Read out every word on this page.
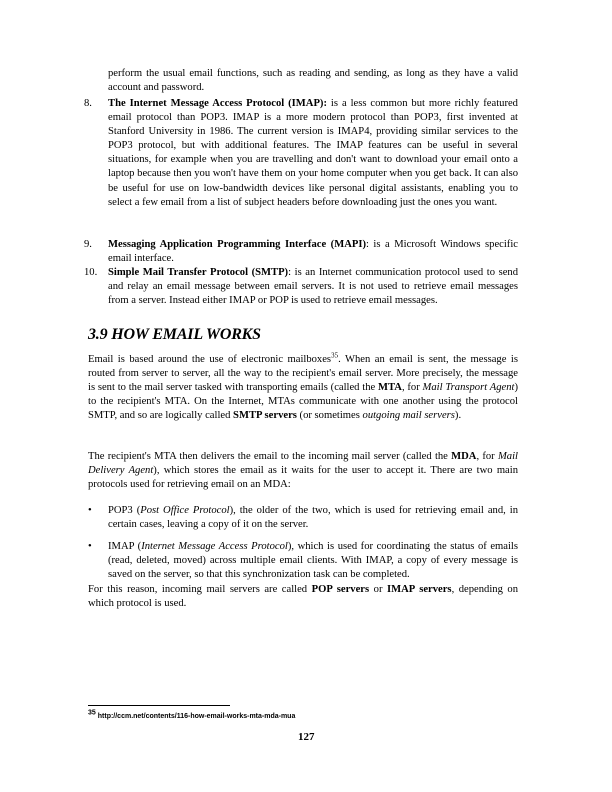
perform the usual email functions, such as reading and sending, as long as they have a valid account and password.

8. The Internet Message Access Protocol (IMAP): is a less common but more richly featured email protocol than POP3. IMAP is a more modern protocol than POP3, first invented at Stanford University in 1986. The current version is IMAP4, providing similar services to the POP3 protocol, but with additional features. The IMAP features can be useful in several situations, for example when you are travelling and don't want to download your email onto a laptop because then you won't have them on your home computer when you get back. It can also be useful for use on low-bandwidth devices like personal digital assistants, enabling you to select a few email from a list of subject headers before downloading just the ones you want.
9. Messaging Application Programming Interface (MAPI): is a Microsoft Windows specific email interface.
10. Simple Mail Transfer Protocol (SMTP): is an Internet communication protocol used to send and relay an email message between email servers. It is not used to retrieve email messages from a server. Instead either IMAP or POP is used to retrieve email messages.
3.9 HOW EMAIL WORKS

Email is based around the use of electronic mailboxes$^{35}$. When an email is sent, the message is routed from server to server, all the way to the recipient's email server. More precisely, the message is sent to the mail server tasked with transporting emails (called the MTA, for Mail Transport Agent) to the recipient's MTA. On the Internet, MTAs communicate with one another using the protocol SMTP, and so are logically called SMTP servers (or sometimes outgoing mail servers).

The recipient's MTA then delivers the email to the incoming mail server (called the MDA, for Mail Delivery Agent), which stores the email as it waits for the user to accept it. There are two main protocols used for retrieving email on an MDA:

• POP3 (Post Office Protocol), the older of the two, which is used for retrieving email and, in certain cases, leaving a copy of it on the server.
• IMAP (Internet Message Access Protocol), which is used for coordinating the status of emails (read, deleted, moved) across multiple email clients. With IMAP, a copy of every message is saved on the server, so that this synchronization task can be completed.

For this reason, incoming mail servers are called POP servers or IMAP servers, depending on which protocol is used.

$^{35}$ http://ccm.net/contents/116-how-email-works-mta-mda-mua
127
